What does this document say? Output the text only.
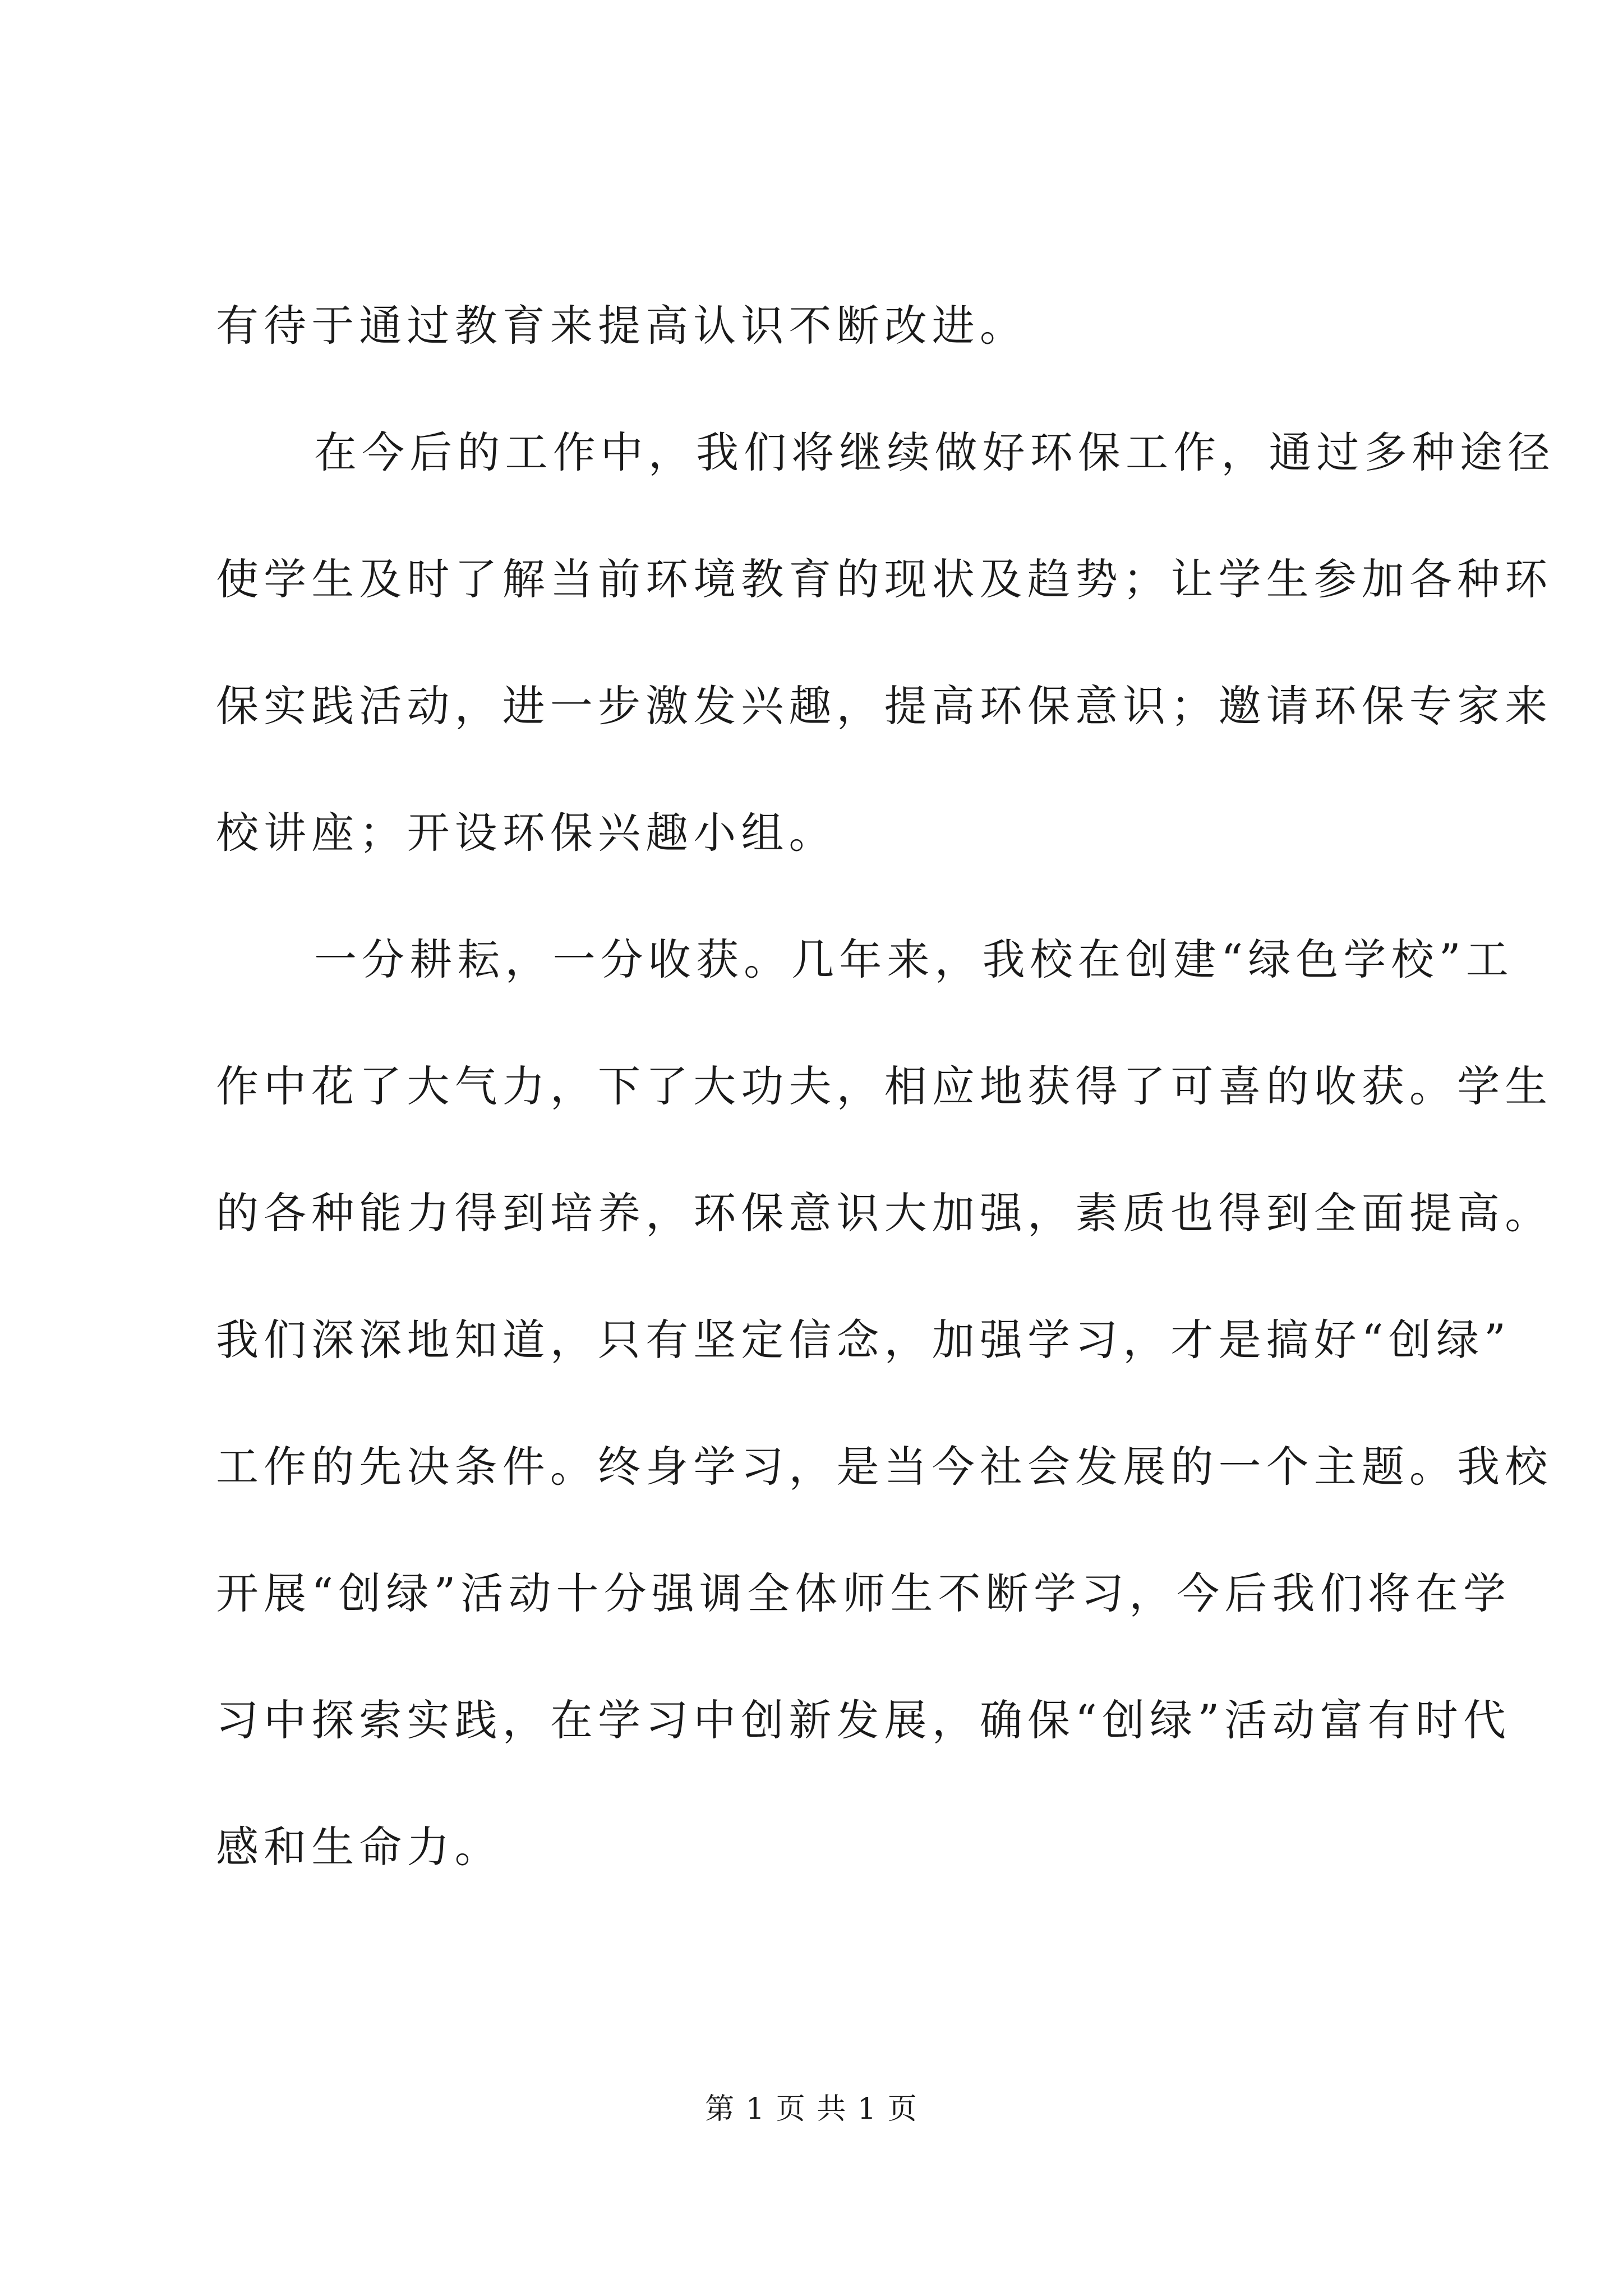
有待于通过教育来提高认识不断改进。
在今后的工作中，我们将继续做好环保工作，通过多种途径
使学生及时了解当前环境教育的现状及趋势；让学生参加各种环
保实践活动，进一步激发兴趣，提高环保意识；邀请环保专家来
校讲座；开设环保兴趣小组。
一分耕耘，一分收获。几年来，我校在创建“绿色学校”工
作中花了大气力，下了大功夫，相应地获得了可喜的收获。学生
的各种能力得到培养，环保意识大加强，素质也得到全面提高。
我们深深地知道，只有坚定信念，加强学习，才是搞好“创绿”
工作的先决条件。终身学习，是当今社会发展的一个主题。我校
开展“创绿”活动十分强调全体师生不断学习，今后我们将在学
习中探索实践，在学习中创新发展，确保“创绿”活动富有时代
感和生命力。
第 1 页 共 1 页
